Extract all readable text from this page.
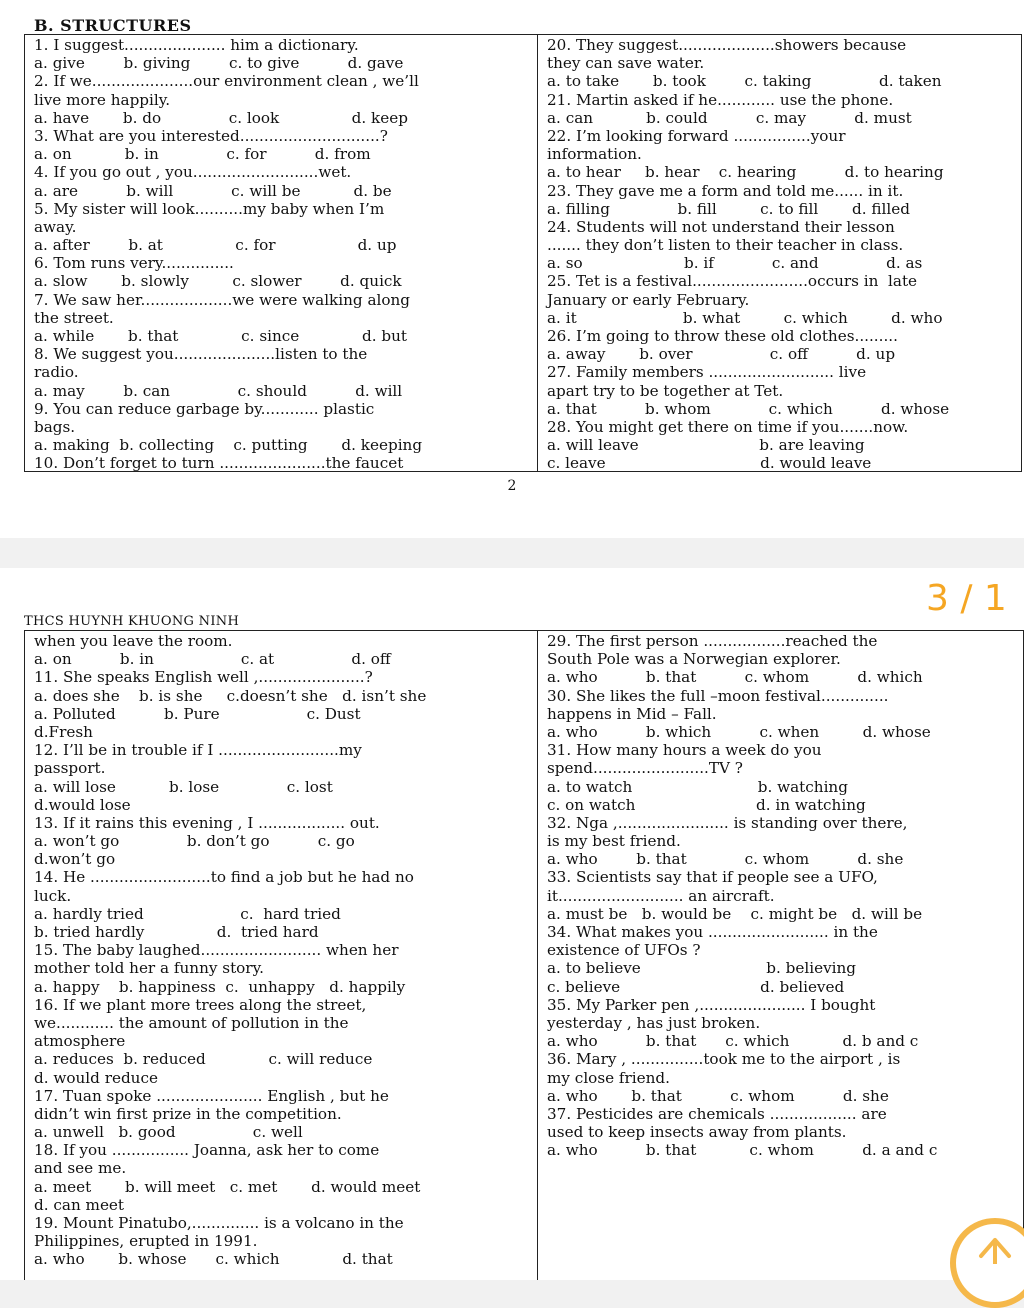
B. STRUCTURES
1. I suggest..................... him a dictionary.
a. give        b. giving        c. to give          d. gave
2. If we.....................our environment clean , we’ll
live more happily.
a. have       b. do              c. look               d. keep
3. What are you interested.............................?
a. on           b. in              c. for          d. from
4. If you go out , you..........................wet.
a. are          b. will            c. will be           d. be
5. My sister will look..........my baby when I’m
away.
a. after        b. at               c. for                 d. up
6. Tom runs very...............
a. slow       b. slowly         c. slower        d. quick
7. We saw her...................we were walking along
the street.
a. while       b. that             c. since             d. but
8. We suggest you.....................listen to the
radio.
a. may        b. can              c. should          d. will
9. You can reduce garbage by............ plastic
bags.
a. making  b. collecting    c. putting       d. keeping
10. Don’t forget to turn ......................the faucet
20. They suggest....................showers because
they can save water.
a. to take       b. took        c. taking              d. taken
21. Martin asked if he............ use the phone.
a. can           b. could          c. may          d. must
22. I’m looking forward ................your
information.
a. to hear     b. hear    c. hearing          d. to hearing
23. They gave me a form and told me...... in it.
a. filling              b. fill         c. to fill       d. filled
24. Students will not understand their lesson
....... they don’t listen to their teacher in class.
a. so                     b. if            c. and              d. as
25. Tet is a festival........................occurs in  late
January or early February.
a. it                      b. what         c. which         d. who
26. I’m going to throw these old clothes.........
a. away       b. over                c. off          d. up
27. Family members .......................... live
apart try to be together at Tet.
a. that          b. whom            c. which          d. whose
28. You might get there on time if you.......now.
a. will leave                         b. are leaving
c. leave                                d. would leave
2
3 / 1
THCS HUYNH KHUONG NINH
when you leave the room.
a. on          b. in                  c. at                d. off
11. She speaks English well ,......................?
a. does she    b. is she     c.doesn’t she   d. isn’t she
a. Polluted          b. Pure                  c. Dust
d.Fresh
12. I’ll be in trouble if I .........................my
passport.
a. will lose           b. lose              c. lost
d.would lose
13. If it rains this evening , I .................. out.
a. won’t go              b. don’t go          c. go
d.won’t go
14. He .........................to find a job but he had no
luck.
a. hardly tried                    c.  hard tried
b. tried hardly               d.  tried hard
15. The baby laughed......................... when her
mother told her a funny story.
a. happy    b. happiness  c.  unhappy   d. happily
16. If we plant more trees along the street,
we............ the amount of pollution in the
atmosphere
a. reduces  b. reduced             c. will reduce
d. would reduce
17. Tuan spoke ...................... English , but he
didn’t win first prize in the competition.
a. unwell   b. good                c. well
18. If you ................ Joanna, ask her to come
and see me.
a. meet       b. will meet   c. met       d. would meet
d. can meet
19. Mount Pinatubo,.............. is a volcano in the
Philippines, erupted in 1991.
a. who       b. whose      c. which             d. that
29. The first person .................reached the
South Pole was a Norwegian explorer.
a. who          b. that          c. whom          d. which
30. She likes the full –moon festival..............
happens in Mid – Fall.
a. who          b. which          c. when         d. whose
31. How many hours a week do you
spend........................TV ?
a. to watch                          b. watching
c. on watch                         d. in watching
32. Nga ,....................... is standing over there,
is my best friend.
a. who        b. that            c. whom          d. she
33. Scientists say that if people see a UFO,
it.......................... an aircraft.
a. must be   b. would be    c. might be   d. will be
34. What makes you ......................... in the
existence of UFOs ?
a. to believe                          b. believing
c. believe                             d. believed
35. My Parker pen ,...................... I bought
yesterday , has just broken.
a. who          b. that      c. which           d. b and c
36. Mary , ...............took me to the airport , is
my close friend.
a. who       b. that          c. whom          d. she
37. Pesticides are chemicals .................. are
used to keep insects away from plants.
a. who          b. that           c. whom          d. a and c
